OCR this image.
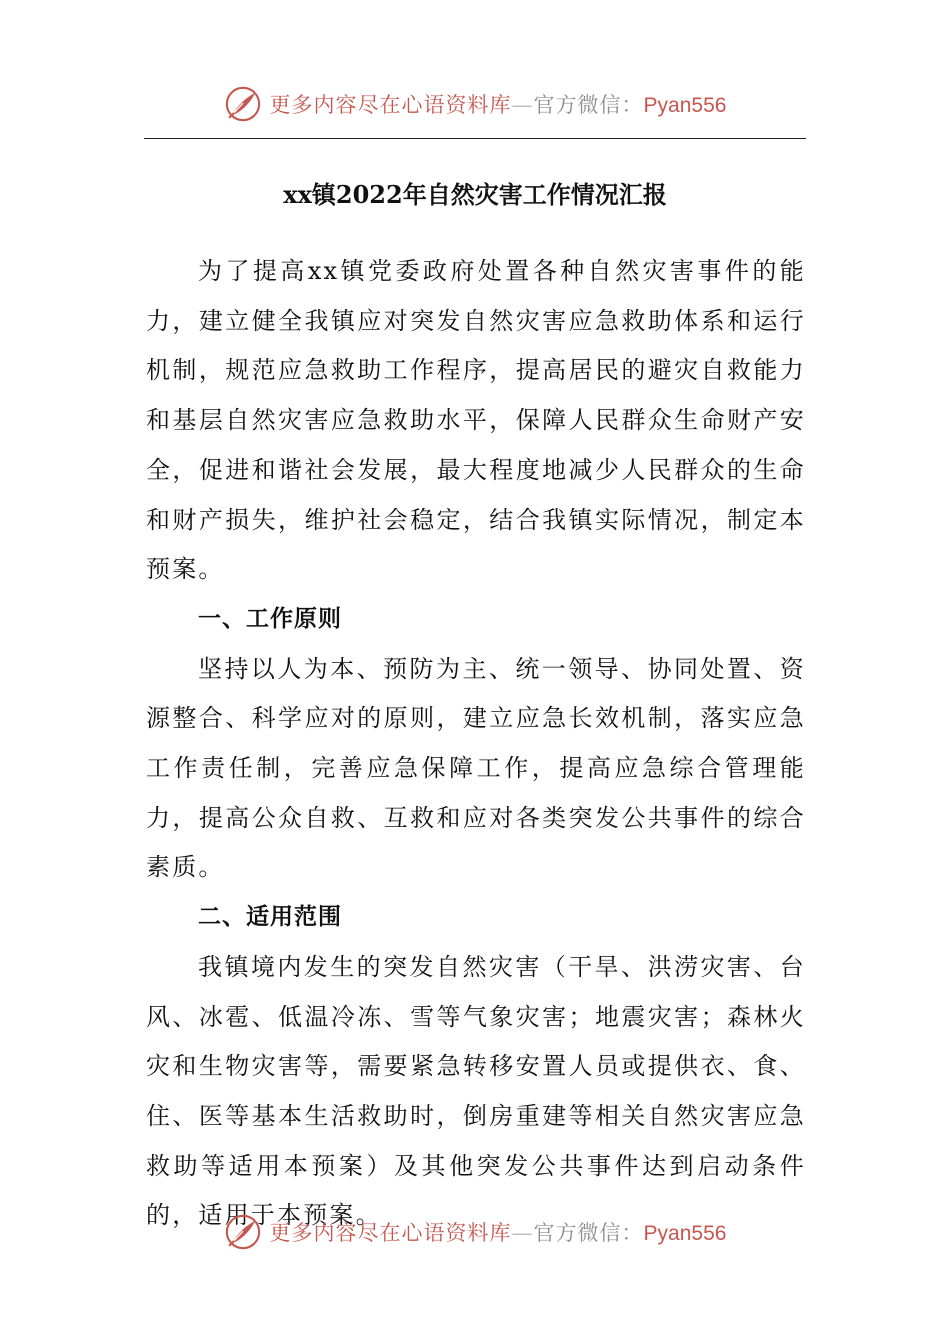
更多内容尽在心语资料库—官方微信：Pyan556
xx镇2022年自然灾害工作情况汇报

为了提高xx镇党委政府处置各种自然灾害事件的能力，建立健全我镇应对突发自然灾害应急救助体系和运行机制，规范应急救助工作程序，提高居民的避灾自救能力和基层自然灾害应急救助水平，保障人民群众生命财产安全，促进和谐社会发展，最大程度地减少人民群众的生命和财产损失，维护社会稳定，结合我镇实际情况，制定本预案。

一、工作原则

坚持以人为本、预防为主、统一领导、协同处置、资源整合、科学应对的原则，建立应急长效机制，落实应急工作责任制，完善应急保障工作，提高应急综合管理能力，提高公众自救、互救和应对各类突发公共事件的综合素质。

二、适用范围

我镇境内发生的突发自然灾害（干旱、洪涝灾害、台风、冰雹、低温冷冻、雪等气象灾害；地震灾害；森林火灾和生物灾害等，需要紧急转移安置人员或提供衣、食、住、医等基本生活救助时，倒房重建等相关自然灾害应急救助等适用本预案）及其他突发公共事件达到启动条件的，适用于本预案。

更多内容尽在心语资料库—官方微信：Pyan556
